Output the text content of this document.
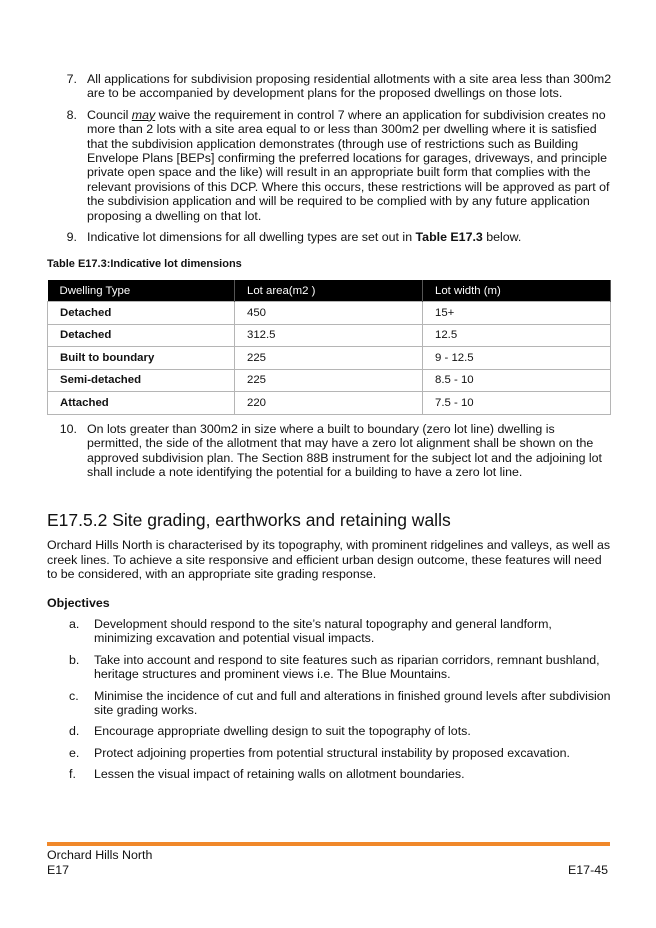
7. All applications for subdivision proposing residential allotments with a site area less than 300m2 are to be accompanied by development plans for the proposed dwellings on those lots.
8. Council may waive the requirement in control 7 where an application for subdivision creates no more than 2 lots with a site area equal to or less than 300m2 per dwelling where it is satisfied that the subdivision application demonstrates (through use of restrictions such as Building Envelope Plans [BEPs] confirming the preferred locations for garages, driveways, and principle private open space and the like) will result in an appropriate built form that complies with the relevant provisions of this DCP. Where this occurs, these restrictions will be approved as part of the subdivision application and will be required to be complied with by any future application proposing a dwelling on that lot.
9. Indicative lot dimensions for all dwelling types are set out in Table E17.3 below.
Table E17.3:Indicative lot dimensions
Dwelling Type	Lot area(m2 )	Lot width (m)
Detached	450	15+
Detached	312.5	12.5
Built to boundary	225	9 - 12.5
Semi-detached	225	8.5 - 10
Attached	220	7.5 - 10
10. On lots greater than 300m2 in size where a built to boundary (zero lot line) dwelling is permitted, the side of the allotment that may have a zero lot alignment shall be shown on the approved subdivision plan. The Section 88B instrument for the subject lot and the adjoining lot shall include a note identifying the potential for a building to have a zero lot line.
E17.5.2 Site grading, earthworks and retaining walls

Orchard Hills North is characterised by its topography, with prominent ridgelines and valleys, as well as creek lines. To achieve a site responsive and efficient urban design outcome, these features will need to be considered, with an appropriate site grading response.

Objectives
a. Development should respond to the site’s natural topography and general landform, minimizing excavation and potential visual impacts.
b. Take into account and respond to site features such as riparian corridors, remnant bushland, heritage structures and prominent views i.e. The Blue Mountains.
c. Minimise the incidence of cut and full and alterations in finished ground levels after subdivision site grading works.
d. Encourage appropriate dwelling design to suit the topography of lots.
e. Protect adjoining properties from potential structural instability by proposed excavation.
f. Lessen the visual impact of retaining walls on allotment boundaries.
Orchard Hills North
E17	E17-45
